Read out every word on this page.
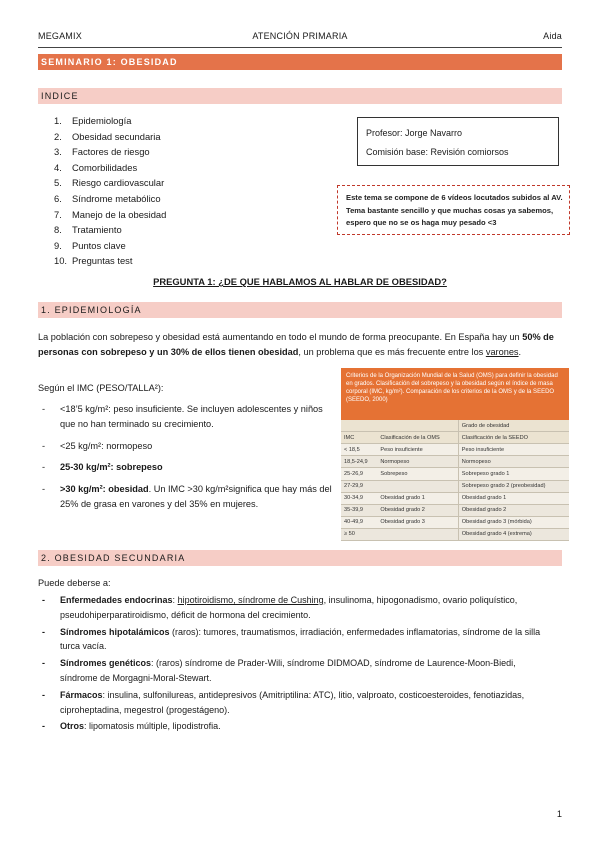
MEGAMIX	ATENCIÓN PRIMARIA	Aida
SEMINARIO 1: OBESIDAD
INDICE
1. Epidemiología
2. Obesidad secundaria
3. Factores de riesgo
4. Comorbilidades
5. Riesgo cardiovascular
6. Síndrome metabólico
7. Manejo de la obesidad
8. Tratamiento
9. Puntos clave
10. Preguntas test
Profesor: Jorge Navarro
Comisión base: Revisión comiorsos
Este tema se compone de 6 vídeos locutados subidos al AV. Tema bastante sencillo y que muchas cosas ya sabemos, espero que no se os haga muy pesado <3
PREGUNTA 1: ¿DE QUE HABLAMOS AL HABLAR DE OBESIDAD?
1. EPIDEMIOLOGÍA
La población con sobrepeso y obesidad está aumentando en todo el mundo de forma preocupante. En España hay un 50% de personas con sobrepeso y un 30% de ellos tienen obesidad, un problema que es más frecuente entre los varones.
Según el IMC (PESO/TALLA²):
- <18’5 kg/m²: peso insuficiente. Se incluyen adolescentes y niños que no han terminado su crecimiento.
- <25 kg/m²: normopeso
- 25-30 kg/m²: sobrepeso
- >30 kg/m²: obesidad. Un IMC >30 kg/m²significa que hay más del 25% de grasa en varones y del 35% en mujeres.
Criterios de la Organización Mundial de la Salud (OMS) para definir la obesidad en grados. Clasificación del sobrepeso y la obesidad según el índice de masa corporal (IMC, kg/m²). Comparación de los criterios de la OMS y de la SEEDO (SEEDO, 2000)
		Grado de obesidad
IMC	Clasificación de la OMS	Clasificación de la SEEDO
< 18,5	Peso insuficiente	Peso insuficiente
18,5-24,9	Normopeso	Normopeso
25-26,9	Sobrepeso	Sobrepeso grado 1
27-29,9		Sobrepeso grado 2 (preobesidad)
30-34,9	Obesidad grado 1	Obesidad grado 1
35-39,9	Obesidad grado 2	Obesidad grado 2
40-49,9	Obesidad grado 3	Obesidad grado 3 (mórbida)
≥ 50		Obesidad grado 4 (extrema)
2. OBESIDAD SECUNDARIA
Puede deberse a:
- Enfermedades endocrinas: hipotiroidismo, síndrome de Cushing, insulinoma, hipogonadismo, ovario poliquístico, pseudohiperparatiroidismo, déficit de hormona del crecimiento.
- Síndromes hipotalámicos (raros): tumores, traumatismos, irradiación, enfermedades inflamatorias, síndrome de la silla turca vacía.
- Síndromes genéticos: (raros) síndrome de Prader-Wili, síndrome DIDMOAD, síndrome de Laurence-Moon-Biedi, síndrome de Morgagni-Moral-Stewart.
- Fármacos: insulina, sulfonilureas, antidepresivos (Amitriptilina: ATC), litio, valproato, costicoesteroides, fenotiazidas, ciproheptadina, megestrol (progestágeno).
- Otros: lipomatosis múltiple, lipodistrofia.
1
